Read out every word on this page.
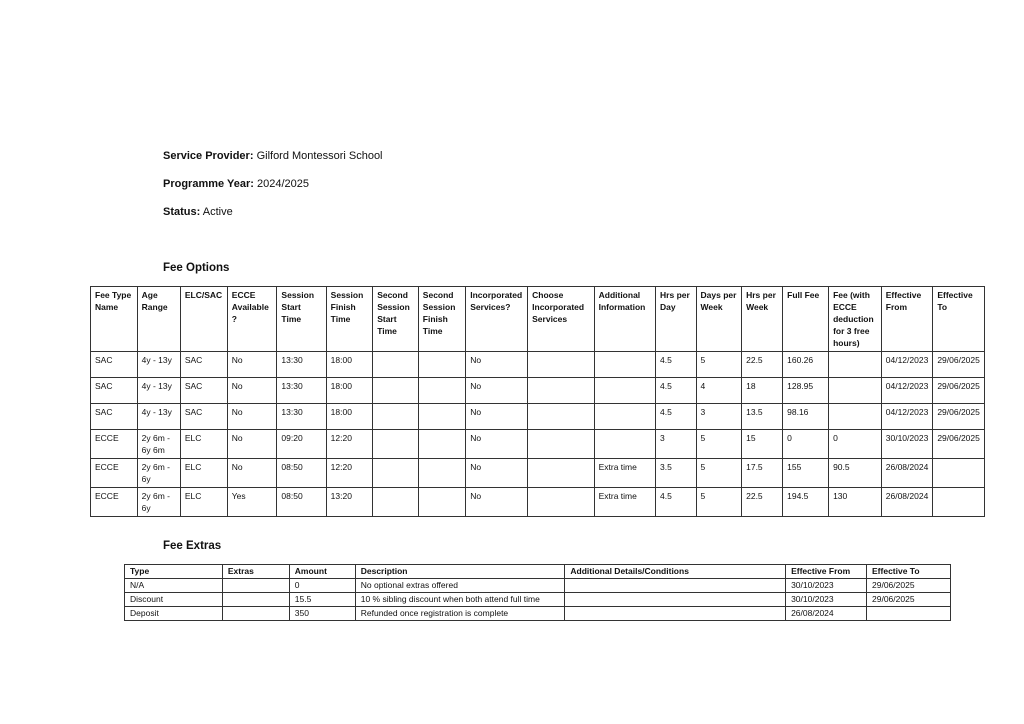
Service Provider: Gilford Montessori School
Programme Year: 2024/2025
Status: Active
Fee Options
Fee Type Name	Age Range	ELC/SAC	ECCE Available ?	Session Start Time	Session Finish Time	Second Session Start Time	Second Session Finish Time	Incorporated Services?	Choose Incorporated Services	Additional Information	Hrs per Day	Days per Week	Hrs per Week	Full Fee	Fee (with ECCE deduction for 3 free hours)	Effective From	Effective To
SAC	4y - 13y	SAC	No	13:30	18:00			No			4.5	5	22.5	160.26		04/12/2023	29/06/2025
SAC	4y - 13y	SAC	No	13:30	18:00			No			4.5	4	18	128.95		04/12/2023	29/06/2025
SAC	4y - 13y	SAC	No	13:30	18:00			No			4.5	3	13.5	98.16		04/12/2023	29/06/2025
ECCE	2y 6m - 6y 6m	ELC	No	09:20	12:20			No			3	5	15	0	0	30/10/2023	29/06/2025
ECCE	2y 6m - 6y	ELC	No	08:50	12:20			No		Extra time	3.5	5	17.5	155	90.5	26/08/2024	
ECCE	2y 6m - 6y	ELC	Yes	08:50	13:20			No		Extra time	4.5	5	22.5	194.5	130	26/08/2024	
Fee Extras
Type	Extras	Amount	Description	Additional Details/Conditions	Effective From	Effective To
N/A		0	No optional extras offered		30/10/2023	29/06/2025
Discount		15.5	10 % sibling discount when both attend full time		30/10/2023	29/06/2025
Deposit		350	Refunded once registration is complete		26/08/2024	
